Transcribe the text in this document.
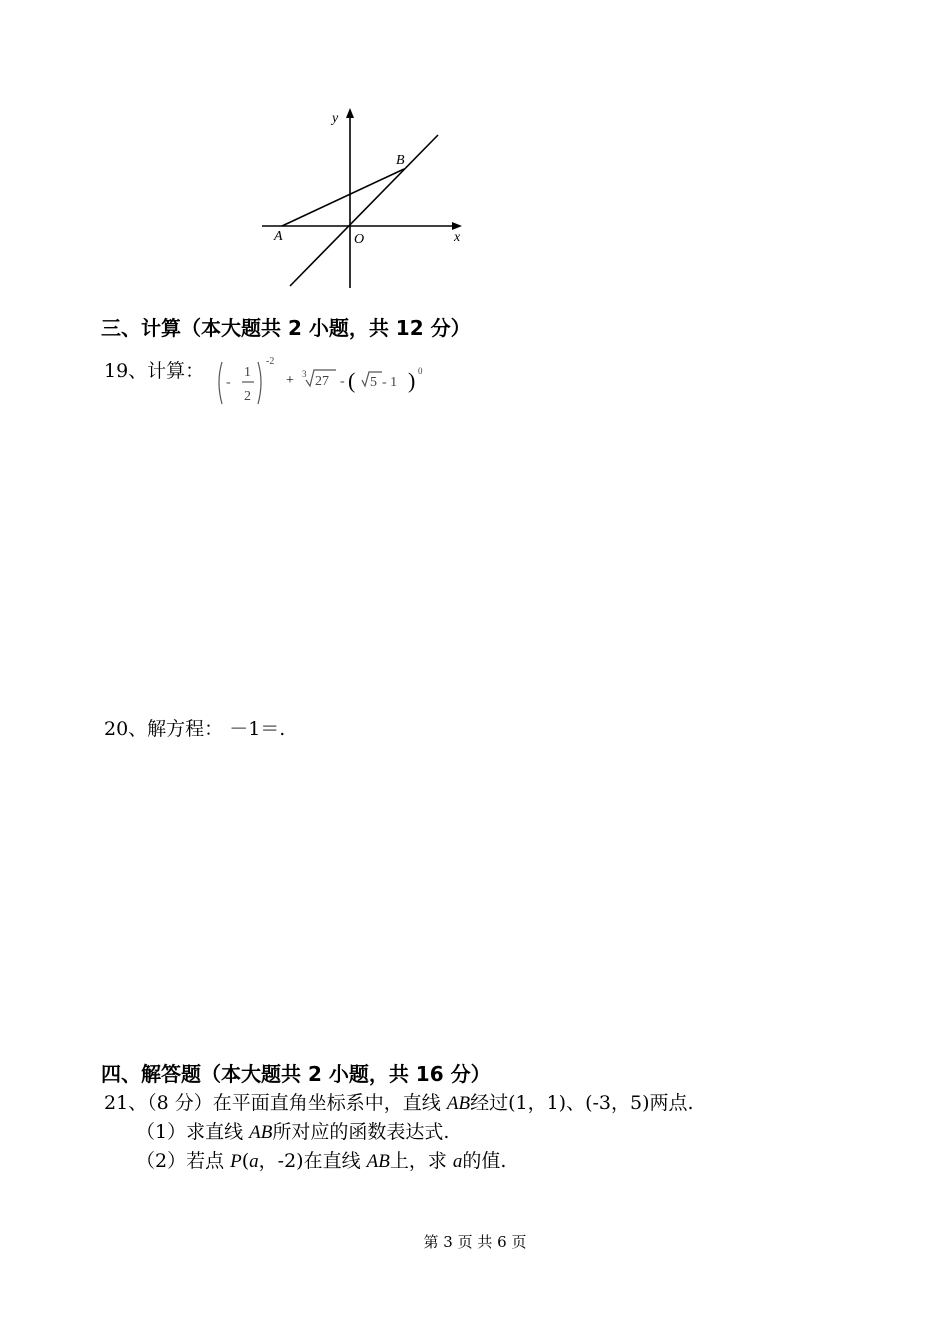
y
x
A
B
O
三、计算（本大题共 2 小题，共 12 分）
19、计算：
-
1
2
-2
+ 3 27 - ( 5 - 1 ) 0
20、解方程： －1＝.
四、解答题（本大题共 2 小题，共 16 分）
21、（8 分）在平面直角坐标系中，直线 AB经过(1，1)、(-3，5)两点.
（1）求直线 AB所对应的函数表达式.
（2）若点 P(a，-2)在直线 AB上，求 a的值.
第 3 页 共 6 页
